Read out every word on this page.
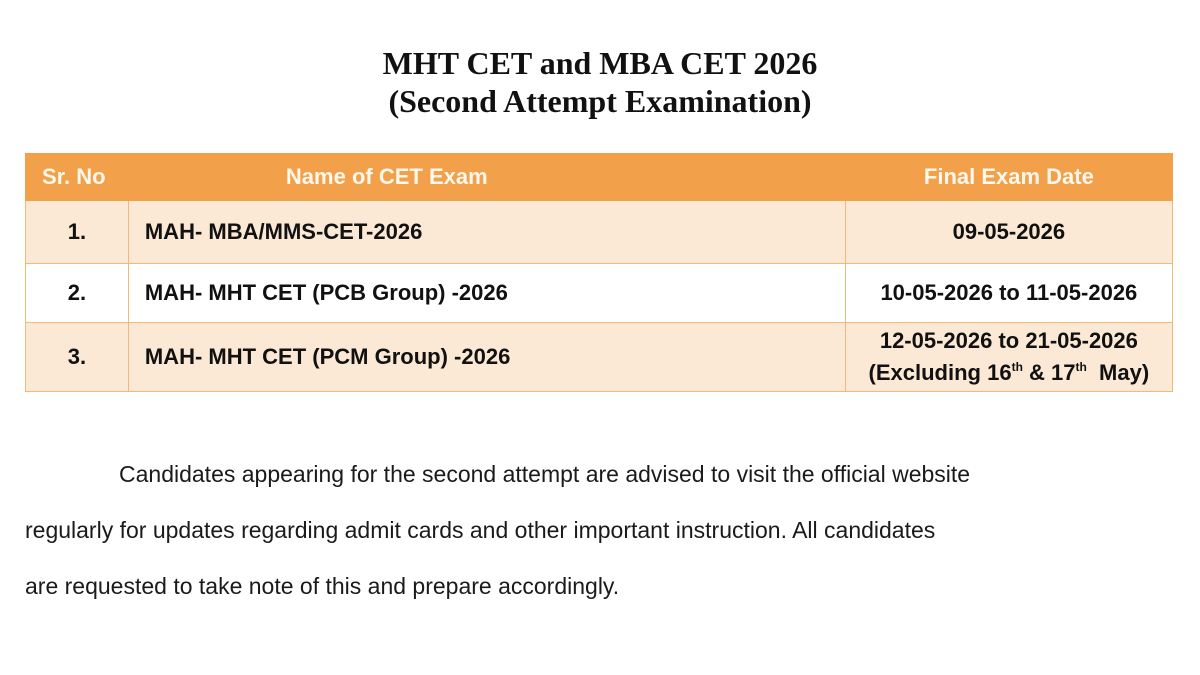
MHT CET and MBA CET 2026
(Second Attempt Examination)
Sr. No	Name of CET Exam	Final Exam Date
1.	MAH- MBA/MMS-CET-2026	09-05-2026
2.	MAH- MHT CET (PCB Group) -2026	10-05-2026 to 11-05-2026
3.	MAH- MHT CET (PCM Group) -2026	12-05-2026 to 21-05-2026
(Excluding 16th & 17th  May)
Candidates appearing for the second attempt are advised to visit the official website
regularly for updates regarding admit cards and other important instruction. All candidates
are requested to take note of this and prepare accordingly.
